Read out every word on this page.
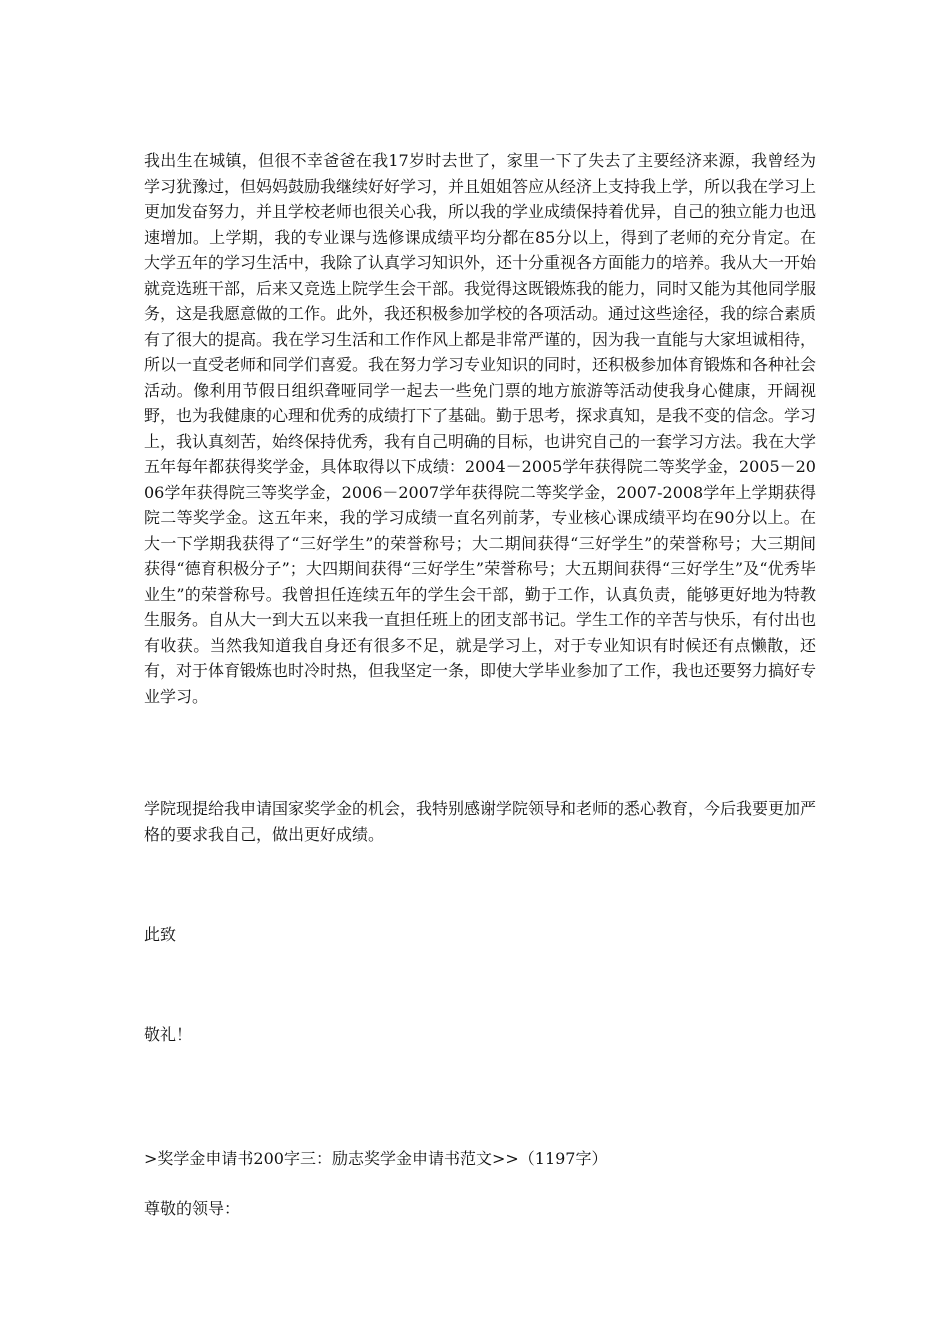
我出生在城镇，但很不幸爸爸在我17岁时去世了，家里一下了失去了主要经济来源，我曾经为学习犹豫过，但妈妈鼓励我继续好好学习，并且姐姐答应从经济上支持我上学，所以我在学习上更加发奋努力，并且学校老师也很关心我，所以我的学业成绩保持着优异，自己的独立能力也迅速增加。上学期，我的专业课与选修课成绩平均分都在85分以上，得到了老师的充分肯定。在大学五年的学习生活中，我除了认真学习知识外，还十分重视各方面能力的培养。我从大一开始就竞选班干部，后来又竞选上院学生会干部。我觉得这既锻炼我的能力，同时又能为其他同学服务，这是我愿意做的工作。此外，我还积极参加学校的各项活动。通过这些途径，我的综合素质有了很大的提高。我在学习生活和工作作风上都是非常严谨的，因为我一直能与大家坦诚相待，所以一直受老师和同学们喜爱。我在努力学习专业知识的同时，还积极参加体育锻炼和各种社会活动。像利用节假日组织聋哑同学一起去一些免门票的地方旅游等活动使我身心健康，开阔视野，也为我健康的心理和优秀的成绩打下了基础。勤于思考，探求真知，是我不变的信念。学习上，我认真刻苦，始终保持优秀，我有自己明确的目标，也讲究自己的一套学习方法。我在大学五年每年都获得奖学金，具体取得以下成绩：2004－2005学年获得院二等奖学金，2005－2006学年获得院三等奖学金，2006－2007学年获得院二等奖学金，2007-2008学年上学期获得院二等奖学金。这五年来，我的学习成绩一直名列前茅，专业核心课成绩平均在90分以上。在大一下学期我获得了“三好学生”的荣誉称号；大二期间获得“三好学生”的荣誉称号；大三期间获得“德育积极分子”；大四期间获得“三好学生”荣誉称号；大五期间获得“三好学生”及“优秀毕业生”的荣誉称号。我曾担任连续五年的学生会干部，勤于工作，认真负责，能够更好地为特教生服务。自从大一到大五以来我一直担任班上的团支部书记。学生工作的辛苦与快乐，有付出也有收获。当然我知道我自身还有很多不足，就是学习上，对于专业知识有时候还有点懒散，还有，对于体育锻炼也时冷时热，但我坚定一条，即使大学毕业参加了工作，我也还要努力搞好专业学习。
学院现提给我申请国家奖学金的机会，我特别感谢学院领导和老师的悉心教育，今后我要更加严格的要求我自己，做出更好成绩。
此致
敬礼！
>奖学金申请书200字三：励志奖学金申请书范文>>（1197字）
尊敬的领导：
